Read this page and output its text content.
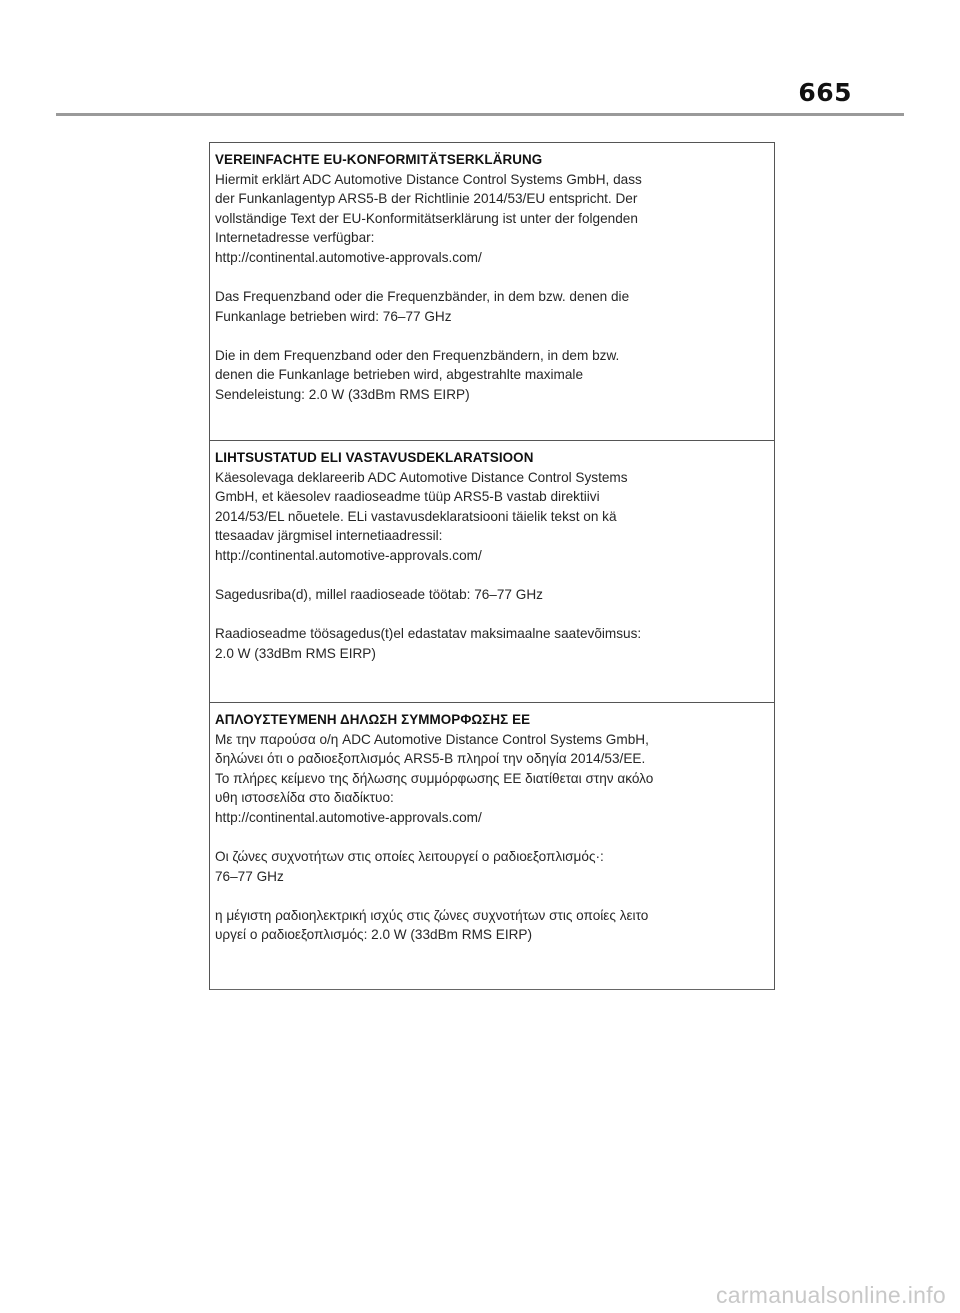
665
VEREINFACHTE EU-KONFORMITÄTSERKLÄRUNG
Hiermit erklärt ADC Automotive Distance Control Systems GmbH, dass
der Funkanlagentyp ARS5-B der Richtlinie 2014/53/EU entspricht. Der
vollständige Text der EU-Konformitätserklärung ist unter der folgenden
Internetadresse verfügbar:
http://continental.automotive-approvals.com/
Das Frequenzband oder die Frequenzbänder, in dem bzw. denen die
Funkanlage betrieben wird: 76–77 GHz
Die in dem Frequenzband oder den Frequenzbändern, in dem bzw.
denen die Funkanlage betrieben wird, abgestrahlte maximale
Sendeleistung: 2.0 W (33dBm RMS EIRP)
LIHTSUSTATUD ELI VASTAVUSDEKLARATSIOON
Käesolevaga deklareerib ADC Automotive Distance Control Systems
GmbH, et käesolev raadioseadme tüüp ARS5-B vastab direktiivi
2014/53/EL nõuetele. ELi vastavusdeklaratsiooni täielik tekst on kä
ttesaadav järgmisel internetiaadressil:
http://continental.automotive-approvals.com/
Sagedusriba(d), millel raadioseade töötab: 76–77 GHz
Raadioseadme töösagedus(t)el edastatav maksimaalne saatevõimsus:
2.0 W (33dBm RMS EIRP)
ΑΠΛΟΥΣΤΕΥΜΕΝΗ ΔΗΛΩΣΗ ΣΥΜΜΟΡΦΩΣΗΣ ΕΕ
Με την παρούσα ο/η ADC Automotive Distance Control Systems GmbH,
δηλώνει ότι ο ραδιοεξοπλισμός ARS5-B πληροί την οδηγία 2014/53/ΕΕ.
Το πλήρες κείμενο της δήλωσης συμμόρφωσης ΕΕ διατίθεται στην ακόλο
υθη ιστοσελίδα στο διαδίκτυο:
http://continental.automotive-approvals.com/
Οι ζώνες συχνοτήτων στις οποίες λειτουργεί ο ραδιοεξοπλισμός·:
76–77 GHz
η μέγιστη ραδιοηλεκτρική ισχύς στις ζώνες συχνοτήτων στις οποίες λειτο
υργεί ο ραδιοεξοπλισμός: 2.0 W (33dBm RMS EIRP)
carmanualsonline.info
